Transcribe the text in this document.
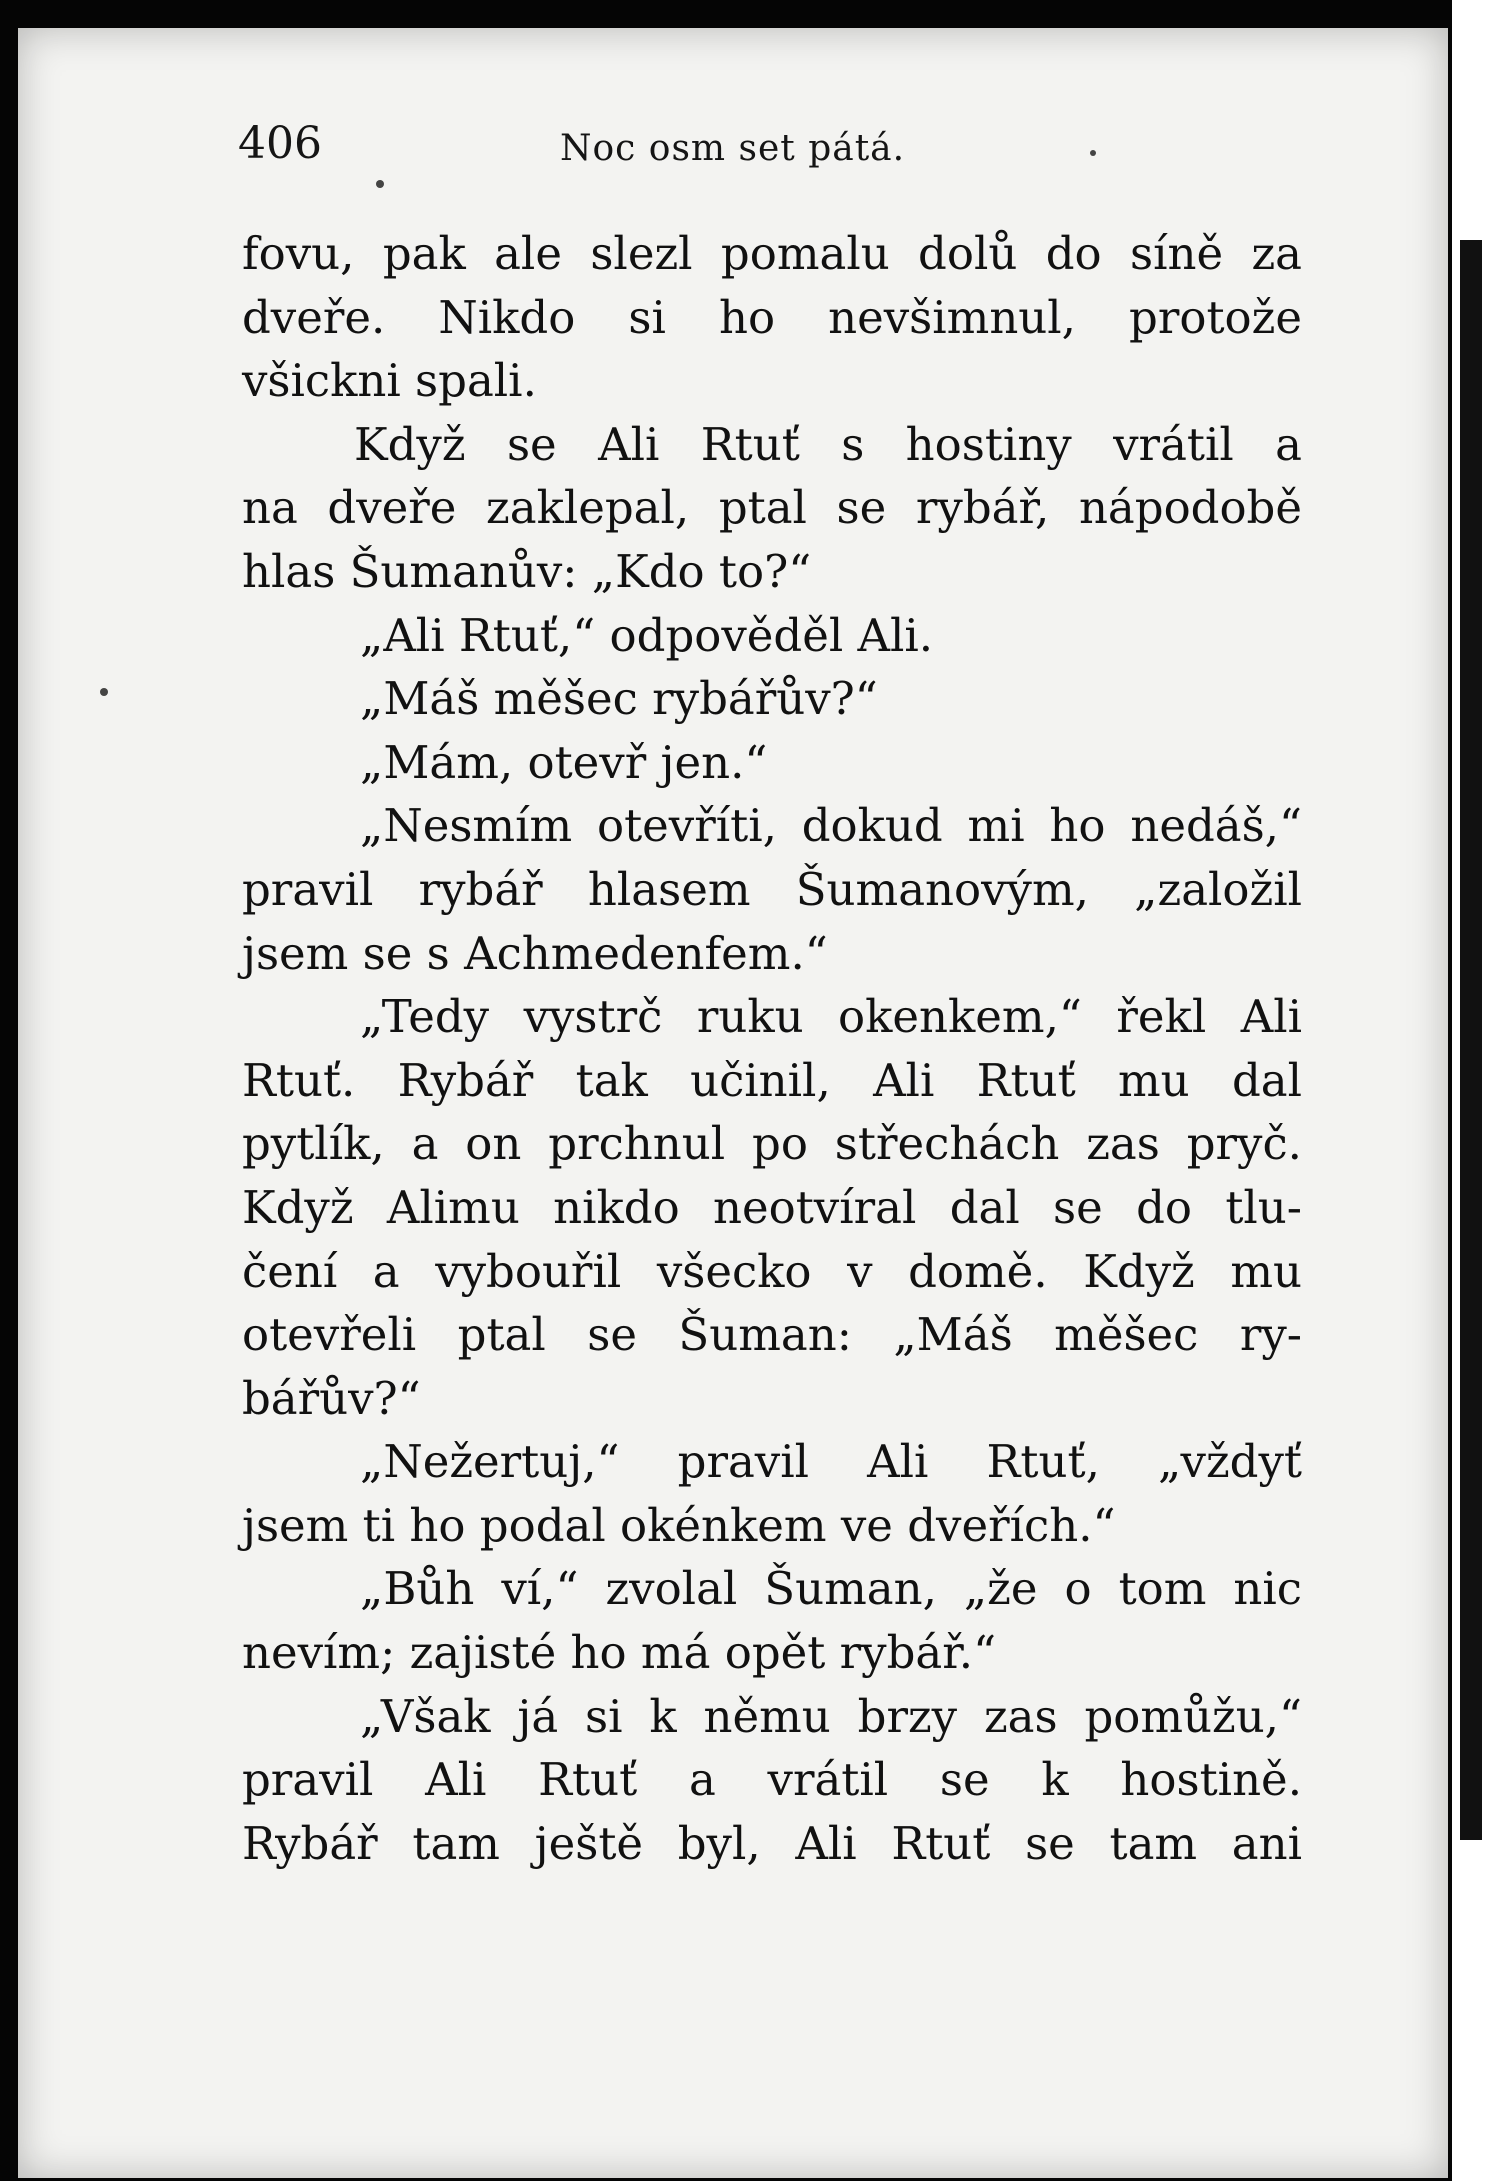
406	Noc osm set pátá.
fovu, pak ale slezl pomalu dolů do síně za
dveře. Nikdo si ho nevšimnul, protože
všickni spali.
Když se Ali Rtuť s hostiny vrátil a
na dveře zaklepal, ptal se rybář, nápodobě
hlas Šumanův: „Kdo to?“
„Ali Rtuť,“ odpověděl Ali.
„Máš měšec rybářův?“
„Mám, otevř jen.“
„Nesmím otevříti, dokud mi ho nedáš,“
pravil rybář hlasem Šumanovým, „založil
jsem se s Achmedenfem.“
„Tedy vystrč ruku okenkem,“ řekl Ali
Rtuť. Rybář tak učinil, Ali Rtuť mu dal
pytlík, a on prchnul po střechách zas pryč.
Když Alimu nikdo neotvíral dal se do tlu-
čení a vybouřil všecko v domě. Když mu
otevřeli ptal se Šuman: „Máš měšec ry-
bářův?“
„Nežertuj,“ pravil Ali Rtuť, „vždyť
jsem ti ho podal okénkem ve dveřích.“
„Bůh ví,“ zvolal Šuman, „že o tom nic
nevím; zajisté ho má opět rybář.“
„Však já si k němu brzy zas pomůžu,“
pravil Ali Rtuť a vrátil se k hostině.
Rybář tam ještě byl, Ali Rtuť se tam ani
